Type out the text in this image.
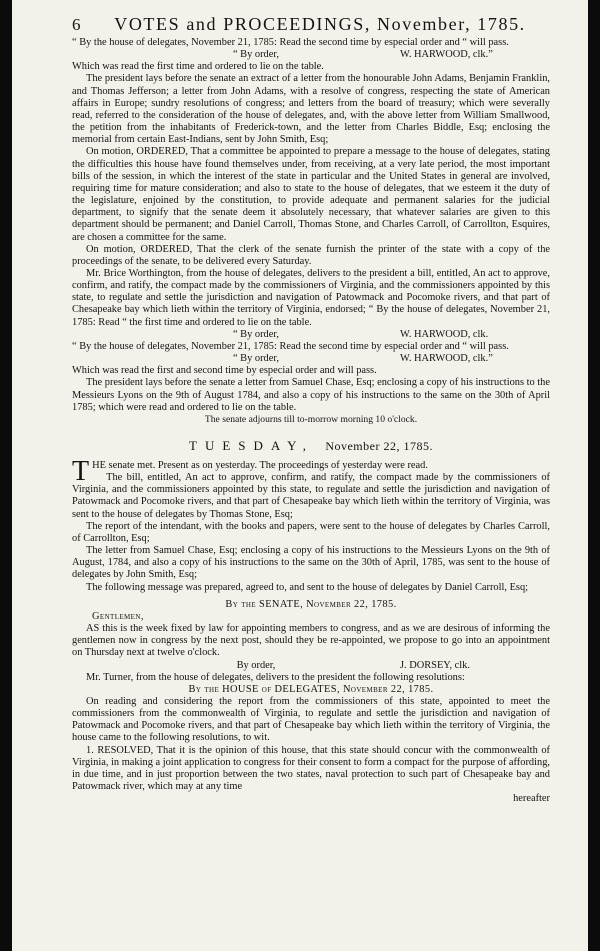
6	VOTES and PROCEEDINGS, November, 1785.

“ By the house of delegates, November 21, 1785: Read the second time by especial order and “ will pass.

“ By order,	W. HARWOOD, clk.”

Which was read the first time and ordered to lie on the table.

The president lays before the senate an extract of a letter from the honourable John Adams, Benjamin Franklin, and Thomas Jefferson; a letter from John Adams, with a resolve of congress, respecting the state of American affairs in Europe; sundry resolutions of congress; and letters from the board of treasury; which were severally read, referred to the consideration of the house of delegates, and, with the above letter from William Smallwood, the petition from the inhabitants of Frederick-town, and the letter from Charles Biddle, Esq; enclosing the memorial from certain East-Indians, sent by John Smith, Esq;

On motion, ORDERED, That a committee be appointed to prepare a message to the house of delegates, stating the difficulties this house have found themselves under, from receiving, at a very late period, the most important bills of the session, in which the interest of the state in particular and the United States in general are involved, requiring time for mature consideration; and also to state to the house of delegates, that we esteem it the duty of the legislature, enjoined by the constitution, to provide adequate and permanent salaries for the judicial department, to signify that the senate deem it absolutely necessary, that whatever salaries are given to this department should be permanent; and Daniel Carroll, Thomas Stone, and Charles Carroll, of Carrollton, Esquires, are chosen a committee for the same.

On motion, ORDERED, That the clerk of the senate furnish the printer of the state with a copy of the proceedings of the senate, to be delivered every Saturday.

Mr. Brice Worthington, from the house of delegates, delivers to the president a bill, entitled, An act to approve, confirm, and ratify, the compact made by the commissioners of Virginia, and the commissioners appointed by this state, to regulate and settle the jurisdiction and navigation of Patowmack and Pocomoke rivers, and that part of Chesapeake bay which lieth within the territory of Virginia, endorsed; “ By the house of delegates, November 21, 1785: Read “ the first time and ordered to lie on the table.

“ By order,	W. HARWOOD, clk.

“ By the house of delegates, November 21, 1785: Read the second time by especial order and “ will pass.

“ By order,	W. HARWOOD, clk.”

Which was read the first and second time by especial order and will pass.

The president lays before the senate a letter from Samuel Chase, Esq; enclosing a copy of his instructions to the Messieurs Lyons on the 9th of August 1784, and also a copy of his instructions to the same on the 30th of April 1785; which were read and ordered to lie on the table.

The senate adjourns till to-morrow morning 10 o'clock.

TUESDAY, November 22, 1785.

THE senate met. Present as on yesterday. The proceedings of yesterday were read.

The bill, entitled, An act to approve, confirm, and ratify, the compact made by the commissioners of Virginia, and the commissioners appointed by this state, to regulate and settle the jurisdiction and navigation of Patowmack and Pocomoke rivers, and that part of Chesapeake bay which lieth within the territory of Virginia, was sent to the house of delegates by Thomas Stone, Esq;

The report of the intendant, with the books and papers, were sent to the house of delegates by Charles Carroll, of Carrollton, Esq;

The letter from Samuel Chase, Esq; enclosing a copy of his instructions to the Messieurs Lyons on the 9th of August, 1784, and also a copy of his instructions to the same on the 30th of April, 1785, was sent to the house of delegates by John Smith, Esq;

The following message was prepared, agreed to, and sent to the house of delegates by Daniel Carroll, Esq;

By the SENATE, November 22, 1785.

Gentlemen,

AS this is the week fixed by law for appointing members to congress, and as we are desirous of informing the gentlemen now in congress by the next post, should they be re-appointed, we propose to go into an appointment on Thursday next at twelve o'clock.

By order,	J. DORSEY, clk.

Mr. Turner, from the house of delegates, delivers to the president the following resolutions:

By the HOUSE of DELEGATES, November 22, 1785.

On reading and considering the report from the commissioners of this state, appointed to meet the commissioners from the commonwealth of Virginia, to regulate and settle the jurisdiction and navigation of Patowmack and Pocomoke rivers, and that part of Chesapeake bay which lieth within the territory of Virginia, the house came to the following resolutions, to wit.

1. RESOLVED, That it is the opinion of this house, that this state should concur with the commonwealth of Virginia, in making a joint application to congress for their consent to form a compact for the purpose of affording, in due time, and in just proportion between the two states, naval protection to such part of Chesapeake bay and Patowmack river, which may at any time

hereafter
